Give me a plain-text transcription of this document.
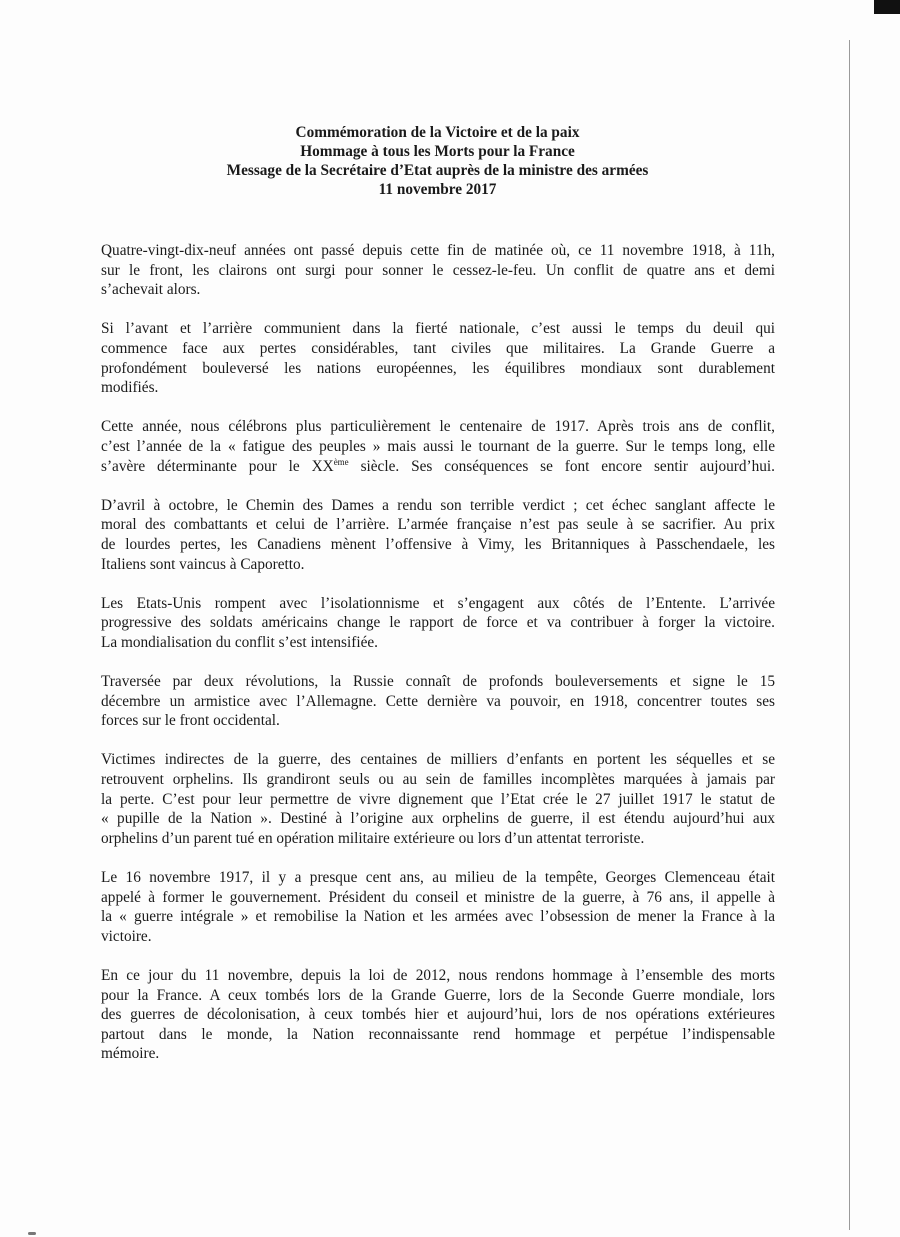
Commémoration de la Victoire et de la paix
Hommage à tous les Morts pour la France
Message de la Secrétaire d’Etat auprès de la ministre des armées
11 novembre 2017

Quatre-vingt-dix-neuf années ont passé depuis cette fin de matinée où, ce 11 novembre 1918, à 11h,
sur le front, les clairons ont surgi pour sonner le cessez-le-feu. Un conflit de quatre ans et demi
s’achevait alors.

Si l’avant et l’arrière communient dans la fierté nationale, c’est aussi le temps du deuil qui
commence face aux pertes considérables, tant civiles que militaires. La Grande Guerre a
profondément bouleversé les nations européennes, les équilibres mondiaux sont durablement
modifiés.

Cette année, nous célébrons plus particulièrement le centenaire de 1917. Après trois ans de conflit,
c’est l’année de la « fatigue des peuples » mais aussi le tournant de la guerre. Sur le temps long, elle
s’avère déterminante pour le XXème siècle. Ses conséquences se font encore sentir aujourd’hui.

D’avril à octobre, le Chemin des Dames a rendu son terrible verdict ; cet échec sanglant affecte le
moral des combattants et celui de l’arrière. L’armée française n’est pas seule à se sacrifier. Au prix
de lourdes pertes, les Canadiens mènent l’offensive à Vimy, les Britanniques à Passchendaele, les
Italiens sont vaincus à Caporetto.

Les Etats-Unis rompent avec l’isolationnisme et s’engagent aux côtés de l’Entente. L’arrivée
progressive des soldats américains change le rapport de force et va contribuer à forger la victoire.
La mondialisation du conflit s’est intensifiée.

Traversée par deux révolutions, la Russie connaît de profonds bouleversements et signe le 15
décembre un armistice avec l’Allemagne. Cette dernière va pouvoir, en 1918, concentrer toutes ses
forces sur le front occidental.

Victimes indirectes de la guerre, des centaines de milliers d’enfants en portent les séquelles et se
retrouvent orphelins. Ils grandiront seuls ou au sein de familles incomplètes marquées à jamais par
la perte. C’est pour leur permettre de vivre dignement que l’Etat crée le 27 juillet 1917 le statut de
« pupille de la Nation ». Destiné à l’origine aux orphelins de guerre, il est étendu aujourd’hui aux
orphelins d’un parent tué en opération militaire extérieure ou lors d’un attentat terroriste.

Le 16 novembre 1917, il y a presque cent ans, au milieu de la tempête, Georges Clemenceau était
appelé à former le gouvernement. Président du conseil et ministre de la guerre, à 76 ans, il appelle à
la « guerre intégrale » et remobilise la Nation et les armées avec l’obsession de mener la France à la
victoire.

En ce jour du 11 novembre, depuis la loi de 2012, nous rendons hommage à l’ensemble des morts
pour la France. A ceux tombés lors de la Grande Guerre, lors de la Seconde Guerre mondiale, lors
des guerres de décolonisation, à ceux tombés hier et aujourd’hui, lors de nos opérations extérieures
partout dans le monde, la Nation reconnaissante rend hommage et perpétue l’indispensable
mémoire.
